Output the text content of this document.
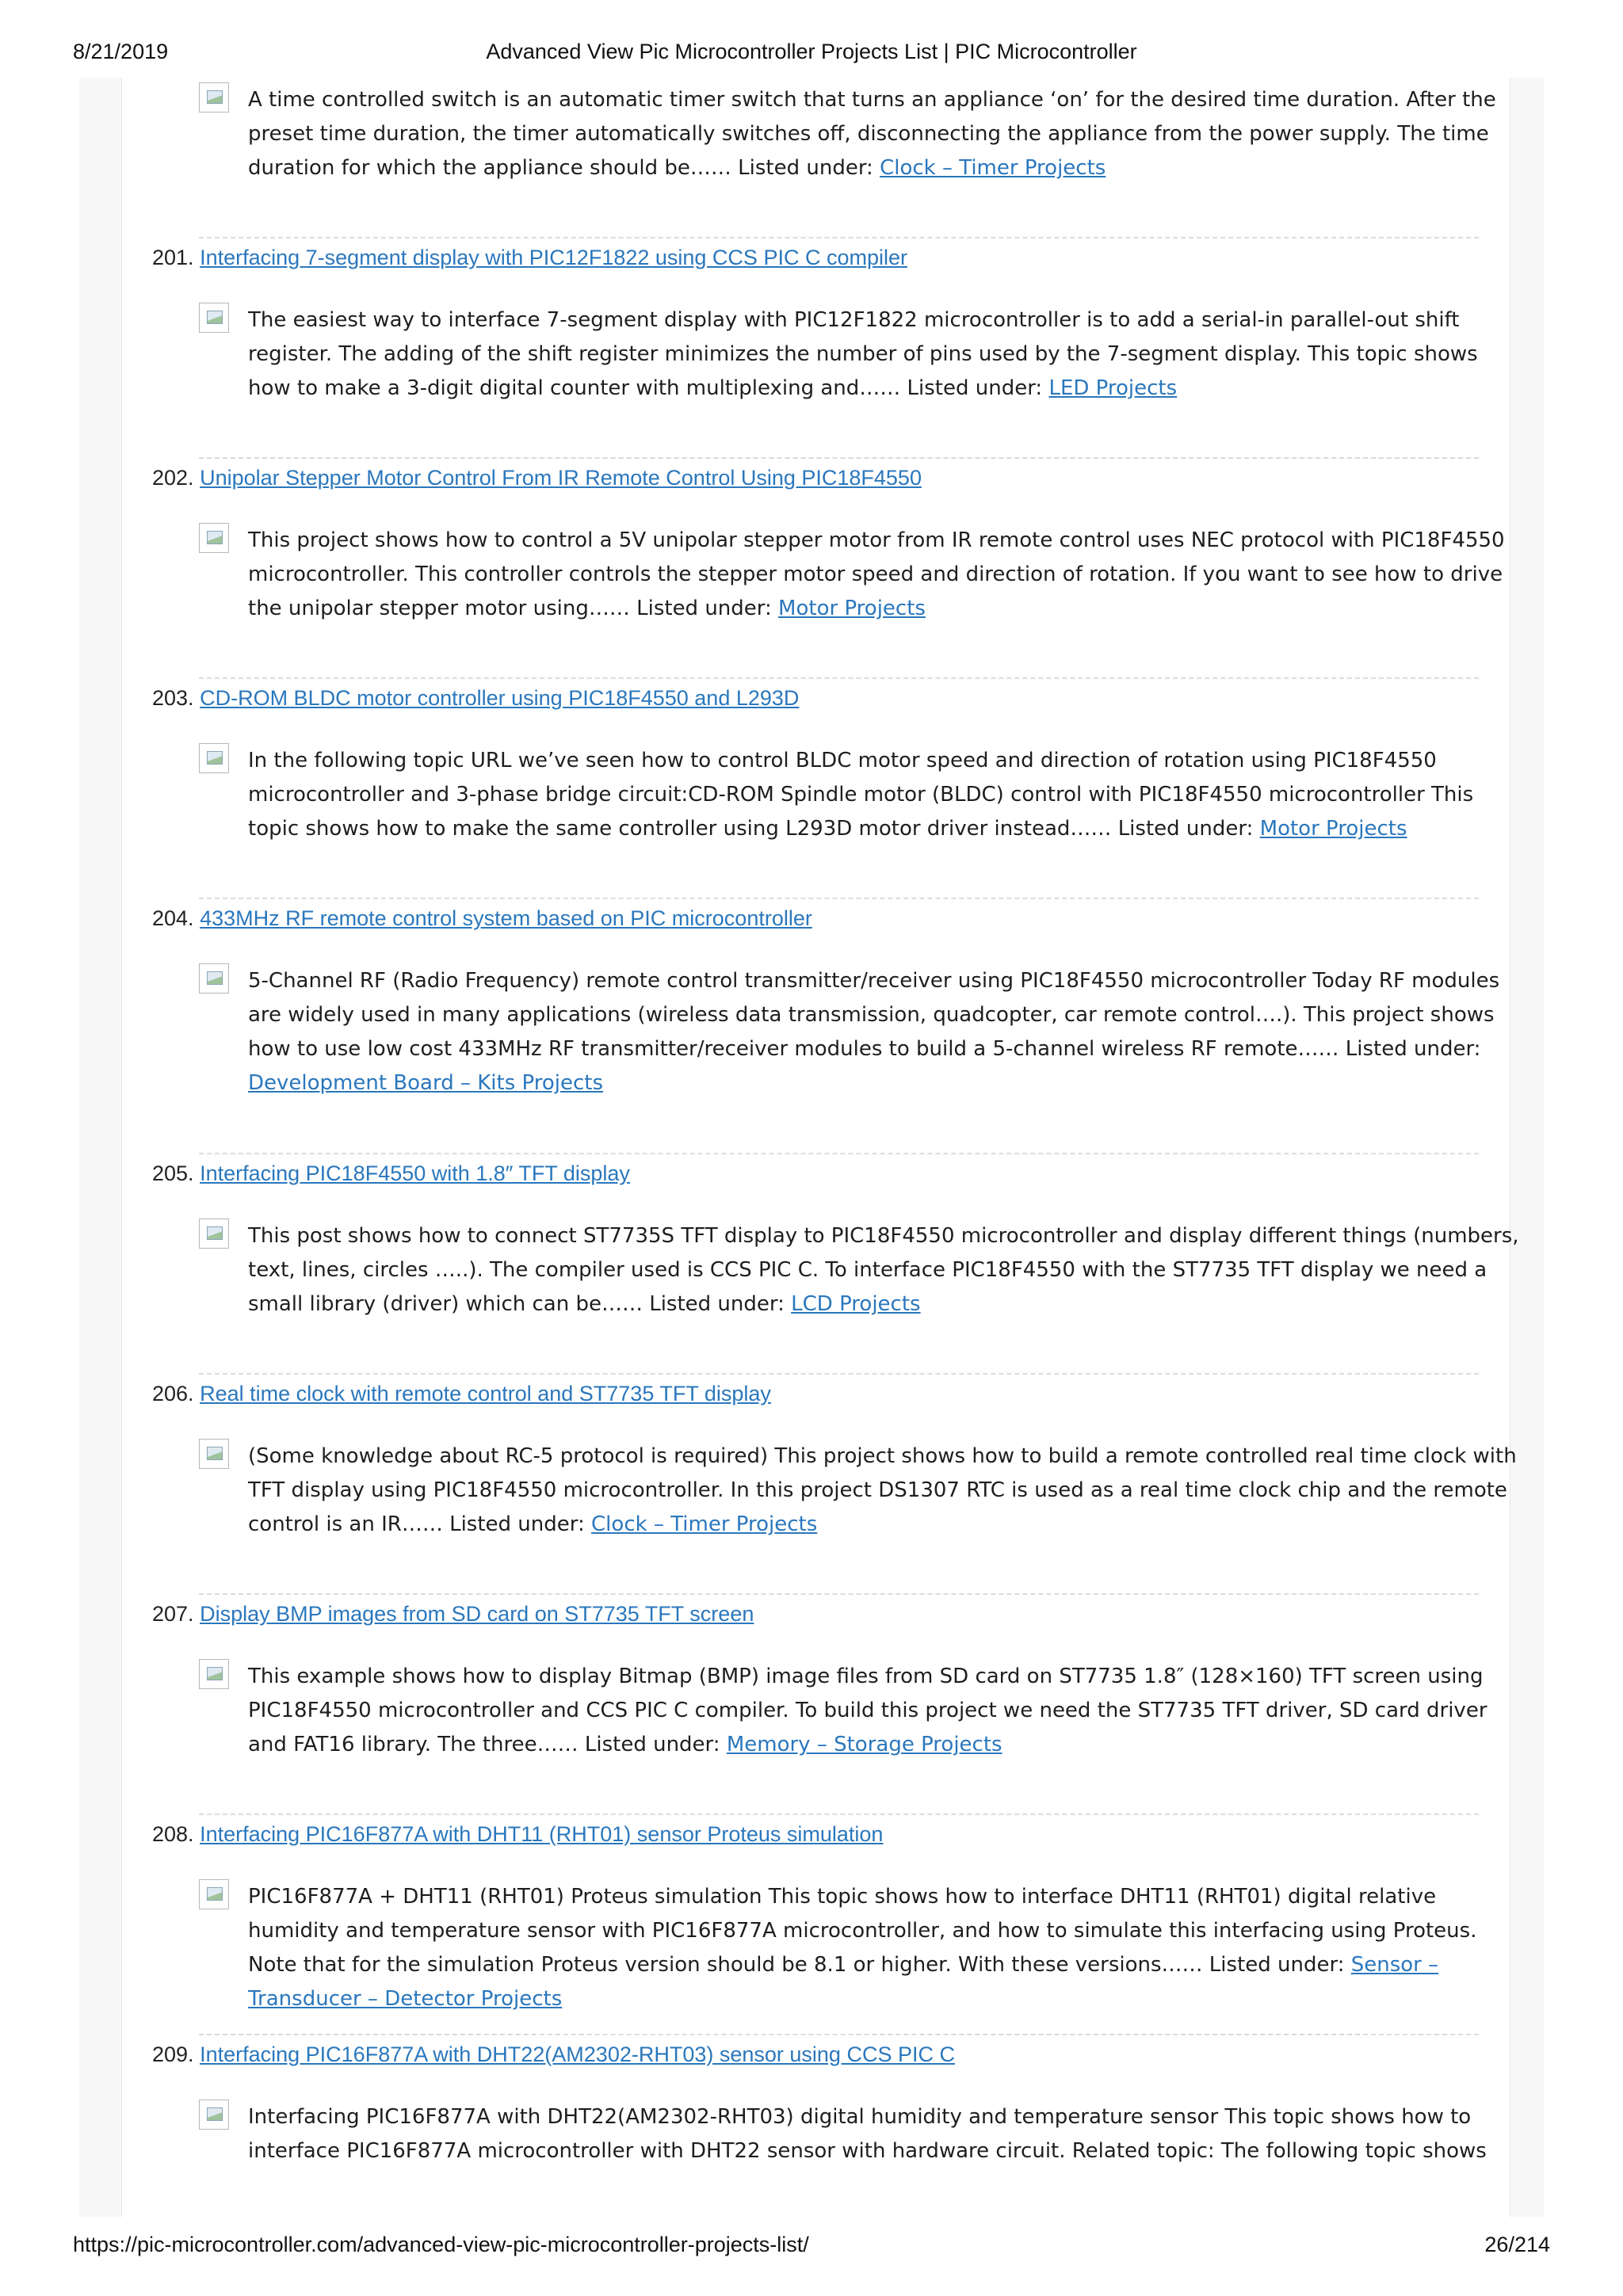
8/21/2019	Advanced View Pic Microcontroller Projects List | PIC Microcontroller
A time controlled switch is an automatic timer switch that turns an appliance ‘on’ for the desired time duration. After the preset time duration, the timer automatically switches off, disconnecting the appliance from the power supply. The time duration for which the appliance should be…… Listed under: Clock – Timer Projects
201. Interfacing 7-segment display with PIC12F1822 using CCS PIC C compiler
The easiest way to interface 7-segment display with PIC12F1822 microcontroller is to add a serial-in parallel-out shift register. The adding of the shift register minimizes the number of pins used by the 7-segment display. This topic shows how to make a 3-digit digital counter with multiplexing and…… Listed under: LED Projects
202. Unipolar Stepper Motor Control From IR Remote Control Using PIC18F4550
This project shows how to control a 5V unipolar stepper motor from IR remote control uses NEC protocol with PIC18F4550 microcontroller. This controller controls the stepper motor speed and direction of rotation. If you want to see how to drive the unipolar stepper motor using…… Listed under: Motor Projects
203. CD-ROM BLDC motor controller using PIC18F4550 and L293D
In the following topic URL we’ve seen how to control BLDC motor speed and direction of rotation using PIC18F4550 microcontroller and 3-phase bridge circuit:CD-ROM Spindle motor (BLDC) control with PIC18F4550 microcontroller This topic shows how to make the same controller using L293D motor driver instead…… Listed under: Motor Projects
204. 433MHz RF remote control system based on PIC microcontroller
5-Channel RF (Radio Frequency) remote control transmitter/receiver using PIC18F4550 microcontroller Today RF modules are widely used in many applications (wireless data transmission, quadcopter, car remote control….). This project shows how to use low cost 433MHz RF transmitter/receiver modules to build a 5-channel wireless RF remote…… Listed under: Development Board – Kits Projects
205. Interfacing PIC18F4550 with 1.8″ TFT display
This post shows how to connect ST7735S TFT display to PIC18F4550 microcontroller and display different things (numbers, text, lines, circles …..). The compiler used is CCS PIC C. To interface PIC18F4550 with the ST7735 TFT display we need a small library (driver) which can be…… Listed under: LCD Projects
206. Real time clock with remote control and ST7735 TFT display
(Some knowledge about RC-5 protocol is required) This project shows how to build a remote controlled real time clock with TFT display using PIC18F4550 microcontroller. In this project DS1307 RTC is used as a real time clock chip and the remote control is an IR…… Listed under: Clock – Timer Projects
207. Display BMP images from SD card on ST7735 TFT screen
This example shows how to display Bitmap (BMP) image files from SD card on ST7735 1.8″ (128×160) TFT screen using PIC18F4550 microcontroller and CCS PIC C compiler. To build this project we need the ST7735 TFT driver, SD card driver and FAT16 library. The three…… Listed under: Memory – Storage Projects
208. Interfacing PIC16F877A with DHT11 (RHT01) sensor Proteus simulation
PIC16F877A + DHT11 (RHT01) Proteus simulation This topic shows how to interface DHT11 (RHT01) digital relative humidity and temperature sensor with PIC16F877A microcontroller, and how to simulate this interfacing using Proteus. Note that for the simulation Proteus version should be 8.1 or higher. With these versions…… Listed under: Sensor – Transducer – Detector Projects
209. Interfacing PIC16F877A with DHT22(AM2302-RHT03) sensor using CCS PIC C
Interfacing PIC16F877A with DHT22(AM2302-RHT03) digital humidity and temperature sensor This topic shows how to interface PIC16F877A microcontroller with DHT22 sensor with hardware circuit. Related topic: The following topic shows
https://pic-microcontroller.com/advanced-view-pic-microcontroller-projects-list/	26/214
